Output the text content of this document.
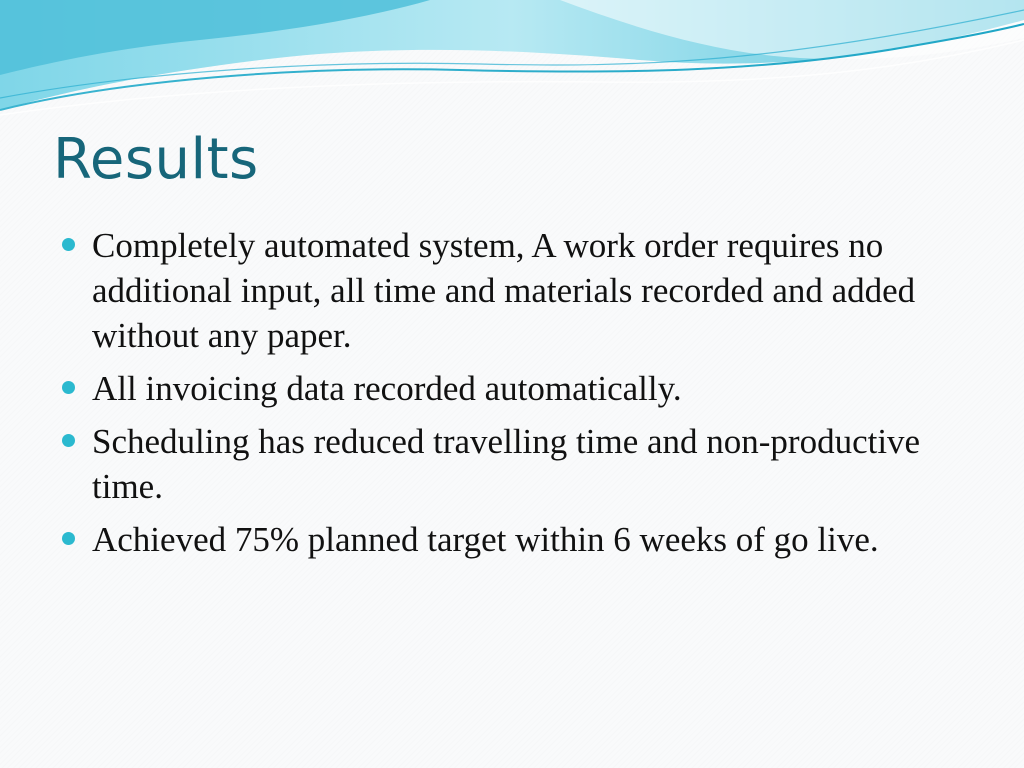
Results
Completely automated system, A work order requires no additional input, all time and materials recorded and added without any paper.
All invoicing data recorded automatically.
Scheduling has reduced travelling time and non-productive time.
Achieved 75% planned target within 6 weeks of go live.
